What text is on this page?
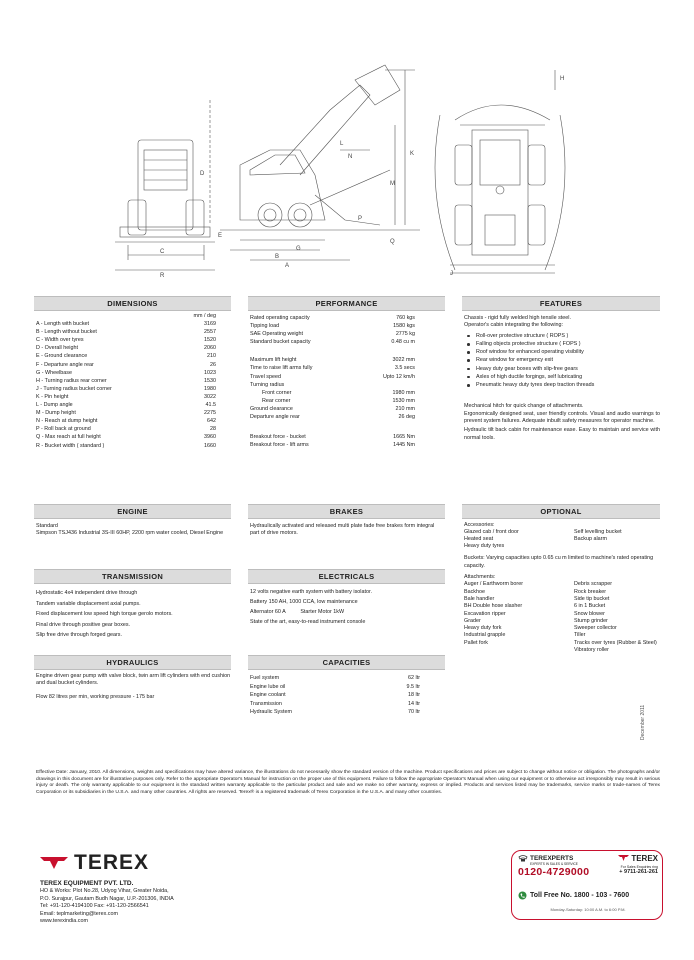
H
E
L
M
K
N
D
G
J
A
B
C
Q
P
R
DIMENSIONS
mm / deg
A - Length with bucket	3169
B - Length without bucket	2557
C - Width over tyres	1520
D - Overall height	2060
E - Ground clearance	210
F - Departure angle rear	26
G - Wheelbase	1023
H - Turning radius rear corner	1530
J - Turning radius bucket corner	1980
K - Pin height	3022
L - Dump angle	41.5
M - Dump height	2275
N - Reach at dump height	642
P - Roll back at ground	28
Q - Max reach at full height	3960
R - Bucket width ( standard )	1660
ENGINE
Standard
Simpson TSJ436 Industrial 3S-III 60HP, 2200 rpm water cooled, Diesel Engine
TRANSMISSION
Hydrostatic 4x4 independent drive through
Tandem variable displacement axial pumps.
Fixed displacement low speed high torque gerolo motors.
Final drive through positive gear boxes.
Slip free drive through forged gears.
HYDRAULICS
Engine driven gear pump with valve block, twin arm lift cylinders with end cushion and dual bucket cylinders.
Flow 82 litres per min, working pressure - 175 bar
PERFORMANCE
Rated operating capacity	760 kgs
Tipping load	1580 kgs
SAE Operating weight	2775 kg
Standard bucket capacity	0.48 cu m
Maximum lift height	3022 mm
Time to raise lift arms fully	3.5 secs
Travel speed	Upto 12 km/h
Turning radius
Front corner	1980 mm
Rear corner	1530 mm
Ground clearance	210 mm
Departure angle rear	26 deg
Breakout force - bucket	1665 Nm
Breakout force - lift arms	1445 Nm
BRAKES
Hydraulically activated and released multi plate fade free brakes form integral part of drive motors.
ELECTRICALS
12 volts negative earth system with battery isolator.
Battery 150 AH, 1000 CCA, low maintenance
Alternator 60 A          Starter Motor 1kW
State of the art, easy-to-read instrument console
CAPACITIES
Fuel system	62 ltr
Engine lube oil	9.5 ltr
Engine coolant	18 ltr
Transmission	14 ltr
Hydraulic System	70 ltr
FEATURES
Chassis - rigid fully welded high tensile steel.
Operator's cabin integrating the following:
Roll-over protective structure ( ROPS )
Falling objects protective structure ( FOPS )
Roof window for enhanced operating visibility
Rear window for emergency exit
Heavy duty gear boxes with slip-free gears
Axles of high ductile forgings, self lubricating
Pneumatic heavy duty tyres deep traction threads
Mechanical hitch for quick change of attachments.
Ergonomically designed seat, user friendly controls. Visual and audio warnings to prevent system failures. Adequate inbuilt safety measures for operator machine.
Hydraulic tilt back cabin for maintenance ease. Easy to maintain and service with normal tools.
OPTIONAL
Accessories:
Glazed cab / front door	Self levelling bucket
Heated seat	Backup alarm
Heavy duty tyres
Buckets: Varying capacities upto 0.65 cu m limited to machine's rated operating capacity.
Attachments:
Auger / Earthworm borer	Debris scrapper
Backhoe	Rock breaker
Bale handler	Side tip bucket
BH Double hose slasher	6 in 1 Bucket
Excavation ripper	Snow blower
Grader	Stump grinder
Heavy duty fork	Sweeper collector
Industrial grapple	Tiller
Pallet fork	Tracks over tyres (Rubber & Steel)
Vibratory roller
December 2011
Effective Date: January, 2010. All dimensions, weights and specifications may have altered variance, the illustrations do not necessarily show the standard version of the machine. Product specifications and prices are subject to change without notice or obligation. The photographs and/or drawings in this document are for illustrative purposes only. Refer to the appropriate Operator's Manual for instruction on the proper use of this equipment. Failure to follow the appropriate Operator's Manual when using our equipment or to otherwise act irresponsibly may result in serious injury or death. The only warranty applicable to our equipment is the standard written warranty applicable to the particular product and sale and we make no other warranty, express or implied. Products and services listed may be trademarks, service marks or trade-names of Terex Corporation or its subsidiaries in the U.S.A. and many other countries. All rights are reserved. Terex® is a registered trademark of Terex Corporation in the U.S.A. and many other countries.
TEREX
TEREX EQUIPMENT PVT. LTD.
HO & Works: Plot No.28, Udyog Vihar, Greater Noida,
P.O. Surajpur, Gautam Budh Nagar, U.P.-201306, INDIA
Tel: +91-120-4194100 Fax: +91-120-2566541
Email: teplmarketing@terex.com
www.terexindia.com
TEREXPERTS
EXPERTS IN SALES & SERVICE
0120-4729000
TEREX
For Sales Enquiries ring
+ 9711-261-261
Toll Free No. 1800 - 103 - 7600
Monday-Saturday: 10:00 A.M. to 6:00 P.M.
